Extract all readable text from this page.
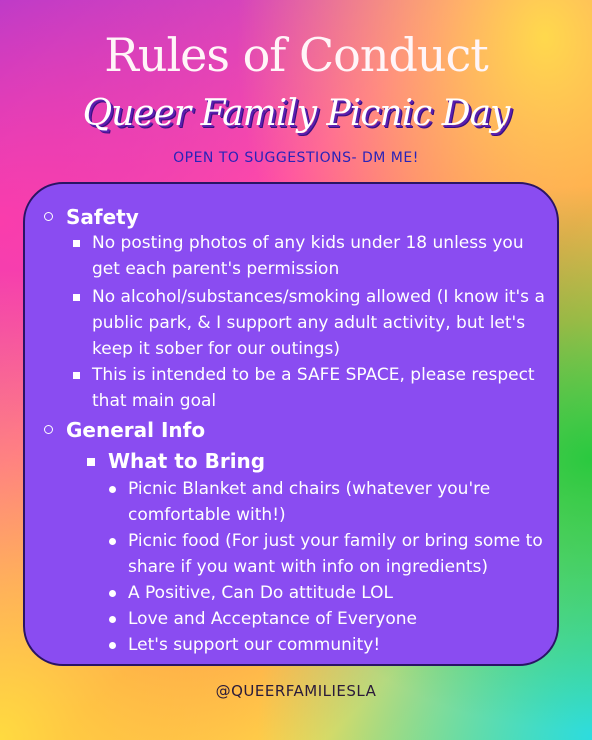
Rules of Conduct
Queer Family Picnic Day
OPEN TO SUGGESTIONS- DM ME!
Safety
No posting photos of any kids under 18 unless you get each parent's permission
No alcohol/substances/smoking allowed (I know it's a public park, & I support any adult activity, but let's keep it sober for our outings)
This is intended to be a SAFE SPACE, please respect that main goal
General Info
What to Bring
Picnic Blanket and chairs (whatever you're comfortable with!)
Picnic food (For just your family or bring some to share if you want with info on ingredients)
A Positive, Can Do attitude LOL
Love and Acceptance of Everyone
Let's support our community!
@QUEERFAMILIESLA
